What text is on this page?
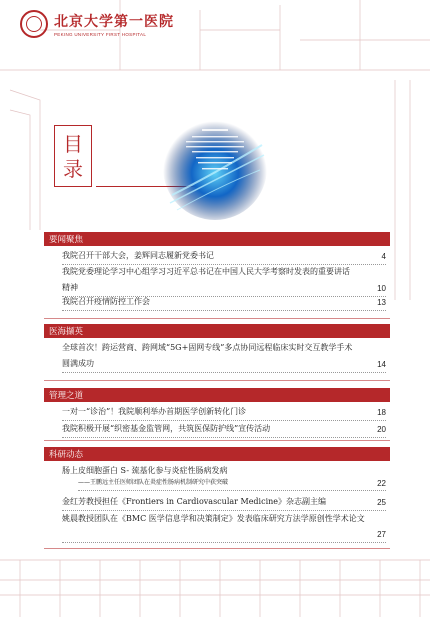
北京大学第一医院
PEKING UNIVERSITY FIRST HOSPITAL
目
录
要闻聚焦
我院召开干部大会，姜辉同志履新党委书记	4
我院党委理论学习中心组学习习近平总书记在中国人民大学考察时发表的重要讲话
精神	10
我院召开疫情防控工作会	13
医海撷英
全球首次！跨运营商、跨网域“5G+固网专线”多点协同远程临床实时交互教学手术
圆满成功	14
管理之道
一对一“诊治”！我院顺利举办首期医学创新转化门诊	18
我院积极开展“织密基金监管网，共筑医保防护线”宣传活动	20
科研动态
肠上皮细胞蛋白 S- 巯基化参与炎症性肠病发病
——王鹏远主任医师团队在炎症性肠病机制研究中获突破	22
金红芳教授担任《Frontiers in Cardiovascular Medicine》杂志副主编	25
姚晨教授团队在《BMC 医学信息学和决策制定》发表临床研究方法学原创性学术论文
27
